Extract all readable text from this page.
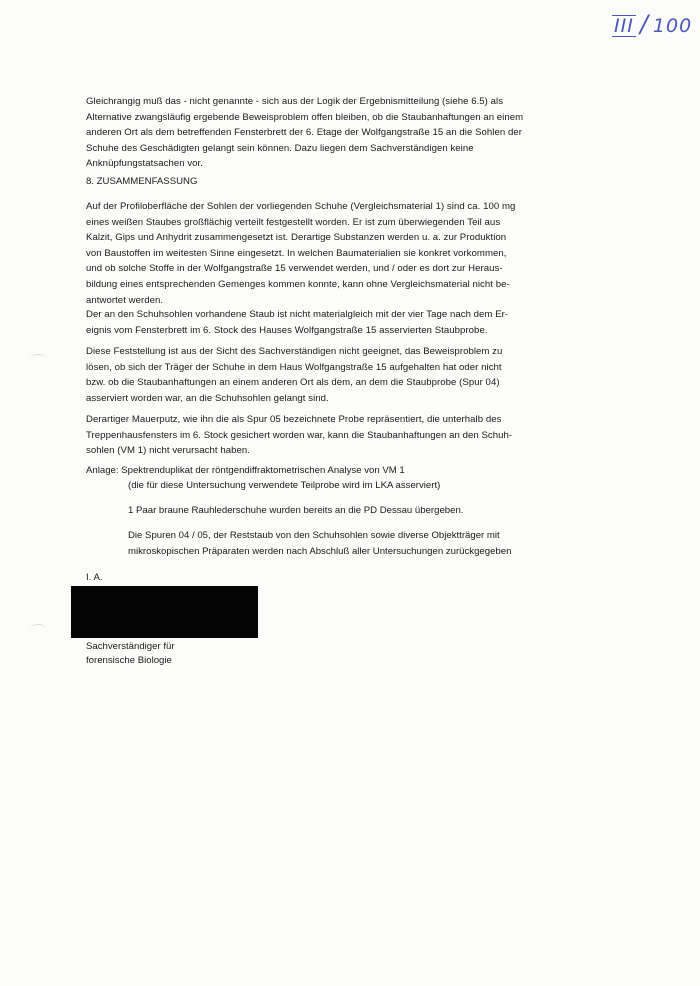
III / 100

Gleichrangig muß das - nicht genannte - sich aus der Logik der Ergebnismitteilung (siehe 6.5) als

Alternative zwangsläufig ergebende Beweisproblem offen bleiben, ob die Staubanhaftungen an einem

anderen Ort als dem betreffenden Fensterbrett der 6. Etage der Wolfgangstraße 15 an die Sohlen der

Schuhe des Geschädigten gelangt sein können. Dazu liegen dem Sachverständigen keine

Anknüpfungstatsachen vor.

8. ZUSAMMENFASSUNG

Auf der Profiloberfläche der Sohlen der vorliegenden Schuhe (Vergleichsmaterial 1) sind ca. 100 mg

eines weißen Staubes großflächig verteilt festgestellt worden. Er ist zum überwiegenden Teil aus

Kalzit, Gips und Anhydrit zusammengesetzt ist. Derartige Substanzen werden u. a. zur Produktion

von Baustoffen im weitesten Sinne eingesetzt. In welchen Baumaterialien sie konkret vorkommen,

und ob solche Stoffe in der Wolfgangstraße 15 verwendet werden, und / oder es dort zur Heraus-

bildung eines entsprechenden Gemenges kommen konnte, kann ohne Vergleichsmaterial nicht be-

antwortet werden.

Der an den Schuhsohlen vorhandene Staub ist nicht materialgleich mit der vier Tage nach dem Er-

eignis vom Fensterbrett im 6. Stock des Hauses Wolfgangstraße 15 asservierten Staubprobe.

Diese Feststellung ist aus der Sicht des Sachverständigen nicht geeignet, das Beweisproblem zu

lösen, ob sich der Träger der Schuhe in dem Haus Wolfgangstraße 15 aufgehalten hat oder nicht

bzw. ob die Staubanhaftungen an einem anderen Ort als dem, an dem die Staubprobe (Spur 04)

asserviert worden war, an die Schuhsohlen gelangt sind.

Derartiger Mauerputz, wie ihn die als Spur 05 bezeichnete Probe repräsentiert, die unterhalb des

Treppenhausfensters im 6. Stock gesichert worden war, kann die Staubanhaftungen an den Schuh-

sohlen (VM 1) nicht verursacht haben.

Anlage: Spektrenduplikat der röntgendiffraktometrischen Analyse von VM 1
(die für diese Untersuchung verwendete Teilprobe wird im LKA asserviert)
1 Paar braune Rauhlederschuhe wurden bereits an die PD Dessau übergeben.
Die Spuren 04 / 05, der Reststaub von den Schuhsohlen sowie diverse Objektträger mit
mikroskopischen Präparaten werden nach Abschluß aller Untersuchungen zurückgegeben
I. A.
Sachverständiger für
forensische Biologie
